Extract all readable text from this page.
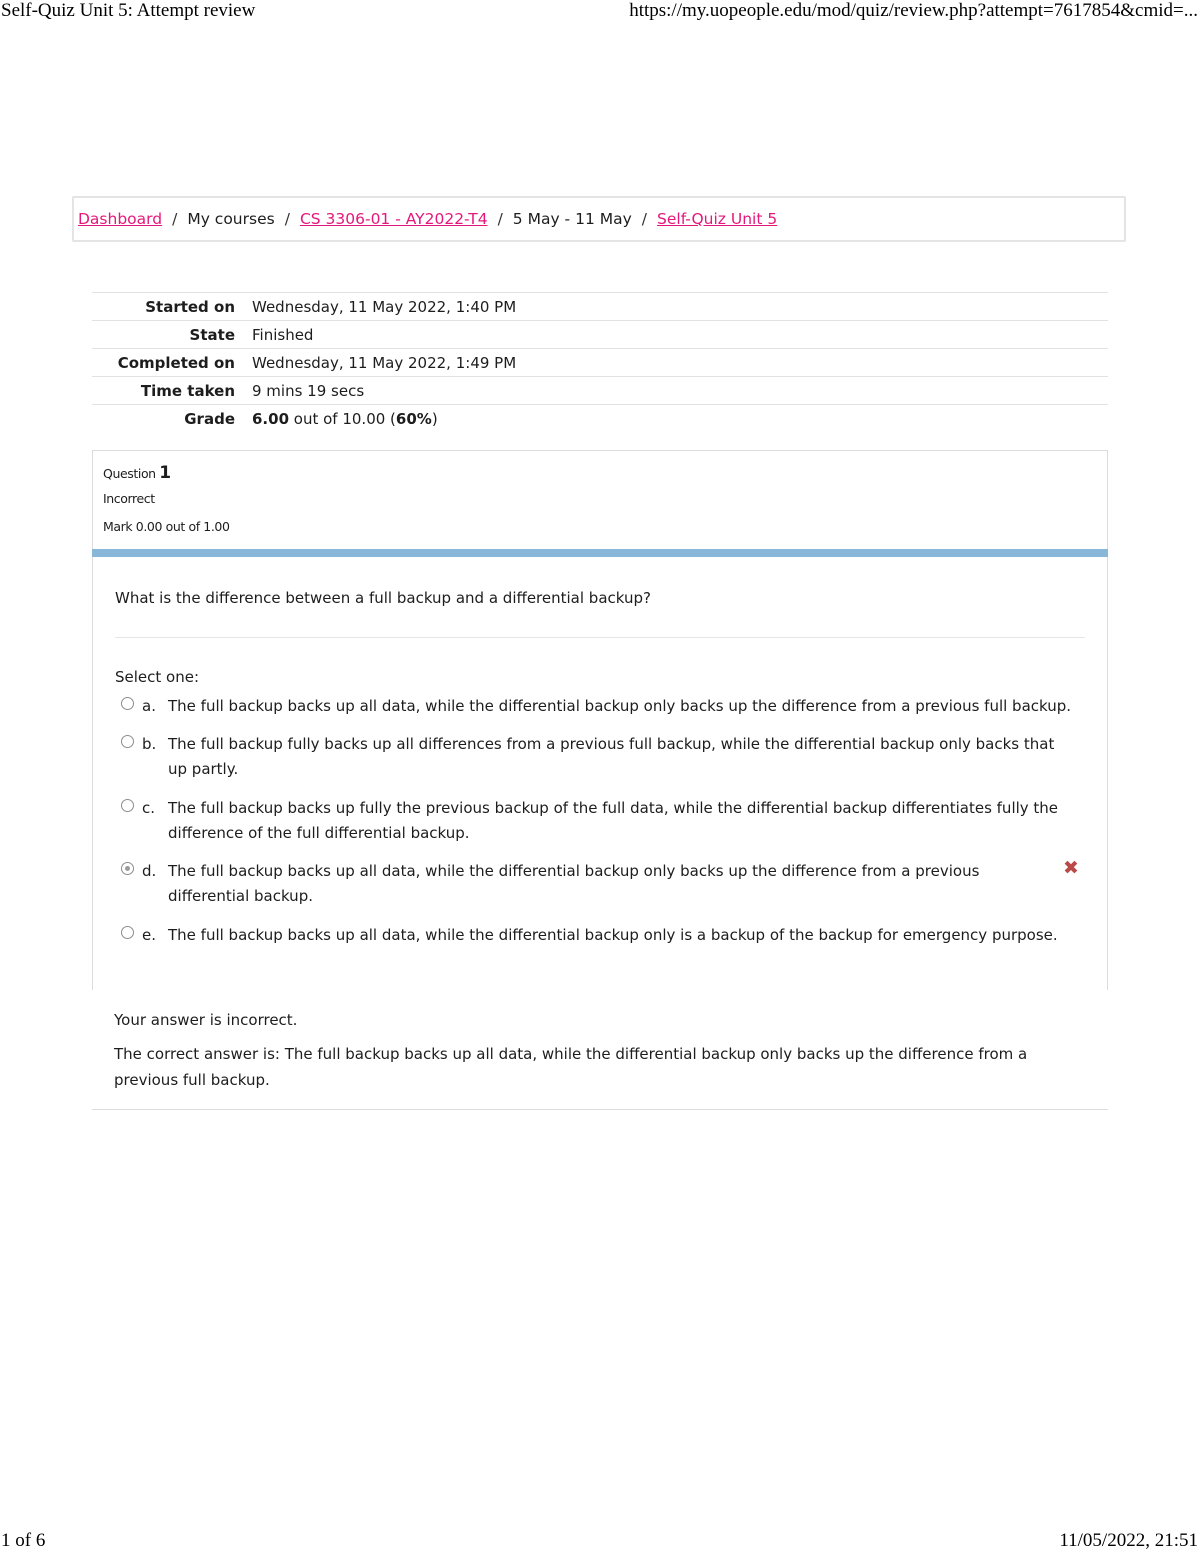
Self-Quiz Unit 5: Attempt review	https://my.uopeople.edu/mod/quiz/review.php?attempt=7617854&cmid=...
Dashboard / My courses / CS 3306-01 - AY2022-T4 / 5 May - 11 May / Self-Quiz Unit 5
Started on	Wednesday, 11 May 2022, 1:40 PM
State	Finished
Completed on	Wednesday, 11 May 2022, 1:49 PM
Time taken	9 mins 19 secs
Grade	6.00 out of 10.00 (60%)
Question 1
Incorrect
Mark 0.00 out of 1.00
What is the difference between a full backup and a differential backup?
Select one:
a. The full backup backs up all data, while the differential backup only backs up the difference from a previous full backup.
b. The full backup fully backs up all differences from a previous full backup, while the differential backup only backs that up partly.
c. The full backup backs up fully the previous backup of the full data, while the differential backup differentiates fully the difference of the full differential backup.
d. The full backup backs up all data, while the differential backup only backs up the difference from a previous differential backup.
✖
e. The full backup backs up all data, while the differential backup only is a backup of the backup for emergency purpose.
Your answer is incorrect.
The correct answer is: The full backup backs up all data, while the differential backup only backs up the difference from a previous full backup.
1 of 6	11/05/2022, 21:51
